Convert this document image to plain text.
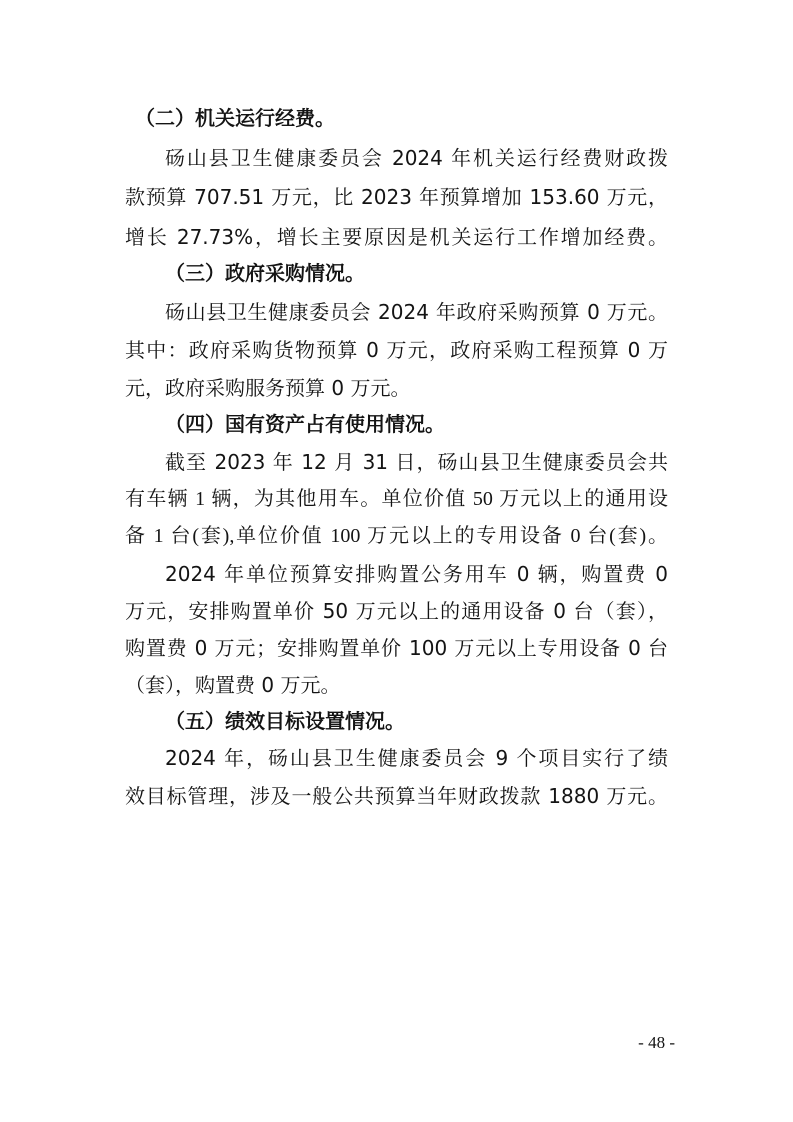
（二）机关运行经费。
砀山县卫生健康委员会 2024 年机关运行经费财政拨
款预算 707.51 万元，比 2023 年预算增加 153.60 万元，
增长 27.73%，增长主要原因是机关运行工作增加经费。
（三）政府采购情况。
砀山县卫生健康委员会 2024 年政府采购预算 0 万元。
其中：政府采购货物预算 0 万元，政府采购工程预算 0 万
元，政府采购服务预算 0 万元。
（四）国有资产占有使用情况。
截至 2023 年 12 月 31 日，砀山县卫生健康委员会共
有车辆 1 辆，为其他用车。单位价值 50 万元以上的通用设
备 1 台(套),单位价值 100 万元以上的专用设备 0 台(套)。
2024 年单位预算安排购置公务用车 0 辆，购置费 0
万元，安排购置单价 50 万元以上的通用设备 0 台（套），
购置费 0 万元；安排购置单价 100 万元以上专用设备 0 台
（套），购置费 0 万元。
（五）绩效目标设置情况。
2024 年，砀山县卫生健康委员会 9 个项目实行了绩
效目标管理，涉及一般公共预算当年财政拨款 1880 万元。
- 48 -
